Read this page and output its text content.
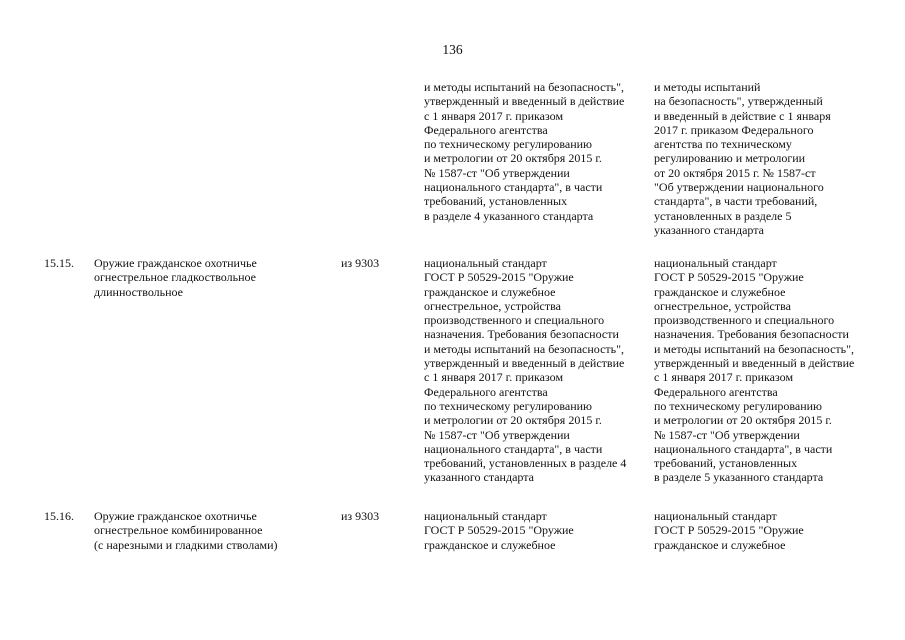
136
и методы испытаний на безопасность",
утвержденный и введенный в действие
с 1 января 2017 г. приказом
Федерального агентства
по техническому регулированию
и метрологии от 20 октября 2015 г.
№ 1587-ст "Об утверждении
национального стандарта", в части
требований, установленных
в разделе 4 указанного стандарта
и методы испытаний
на безопасность", утвержденный
и введенный в действие с 1 января
2017 г. приказом Федерального
агентства по техническому
регулированию и метрологии
от 20 октября 2015 г. № 1587-ст
"Об утверждении национального
стандарта", в части требований,
установленных в разделе 5
указанного стандарта
15.15. Оружие гражданское охотничье
огнестрельное гладкоствольное
длинноствольное
из 9303	национальный стандарт
ГОСТ Р 50529-2015 "Оружие
гражданское и служебное
огнестрельное, устройства
производственного и специального
назначения. Требования безопасности
и методы испытаний на безопасность",
утвержденный и введенный в действие
с 1 января 2017 г. приказом
Федерального агентства
по техническому регулированию
и метрологии от 20 октября 2015 г.
№ 1587-ст "Об утверждении
национального стандарта", в части
требований, установленных в разделе 4
указанного стандарта
национальный стандарт
ГОСТ Р 50529-2015 "Оружие
гражданское и служебное
огнестрельное, устройства
производственного и специального
назначения. Требования безопасности
и методы испытаний на безопасность",
утвержденный и введенный в действие
с 1 января 2017 г. приказом
Федерального агентства
по техническому регулированию
и метрологии от 20 октября 2015 г.
№ 1587-ст "Об утверждении
национального стандарта", в части
требований, установленных
в разделе 5 указанного стандарта
15.16. Оружие гражданское охотничье
огнестрельное комбинированное
(с нарезными и гладкими стволами)
из 9303	национальный стандарт
ГОСТ Р 50529-2015 "Оружие
гражданское и служебное
национальный стандарт
ГОСТ Р 50529-2015 "Оружие
гражданское и служебное
